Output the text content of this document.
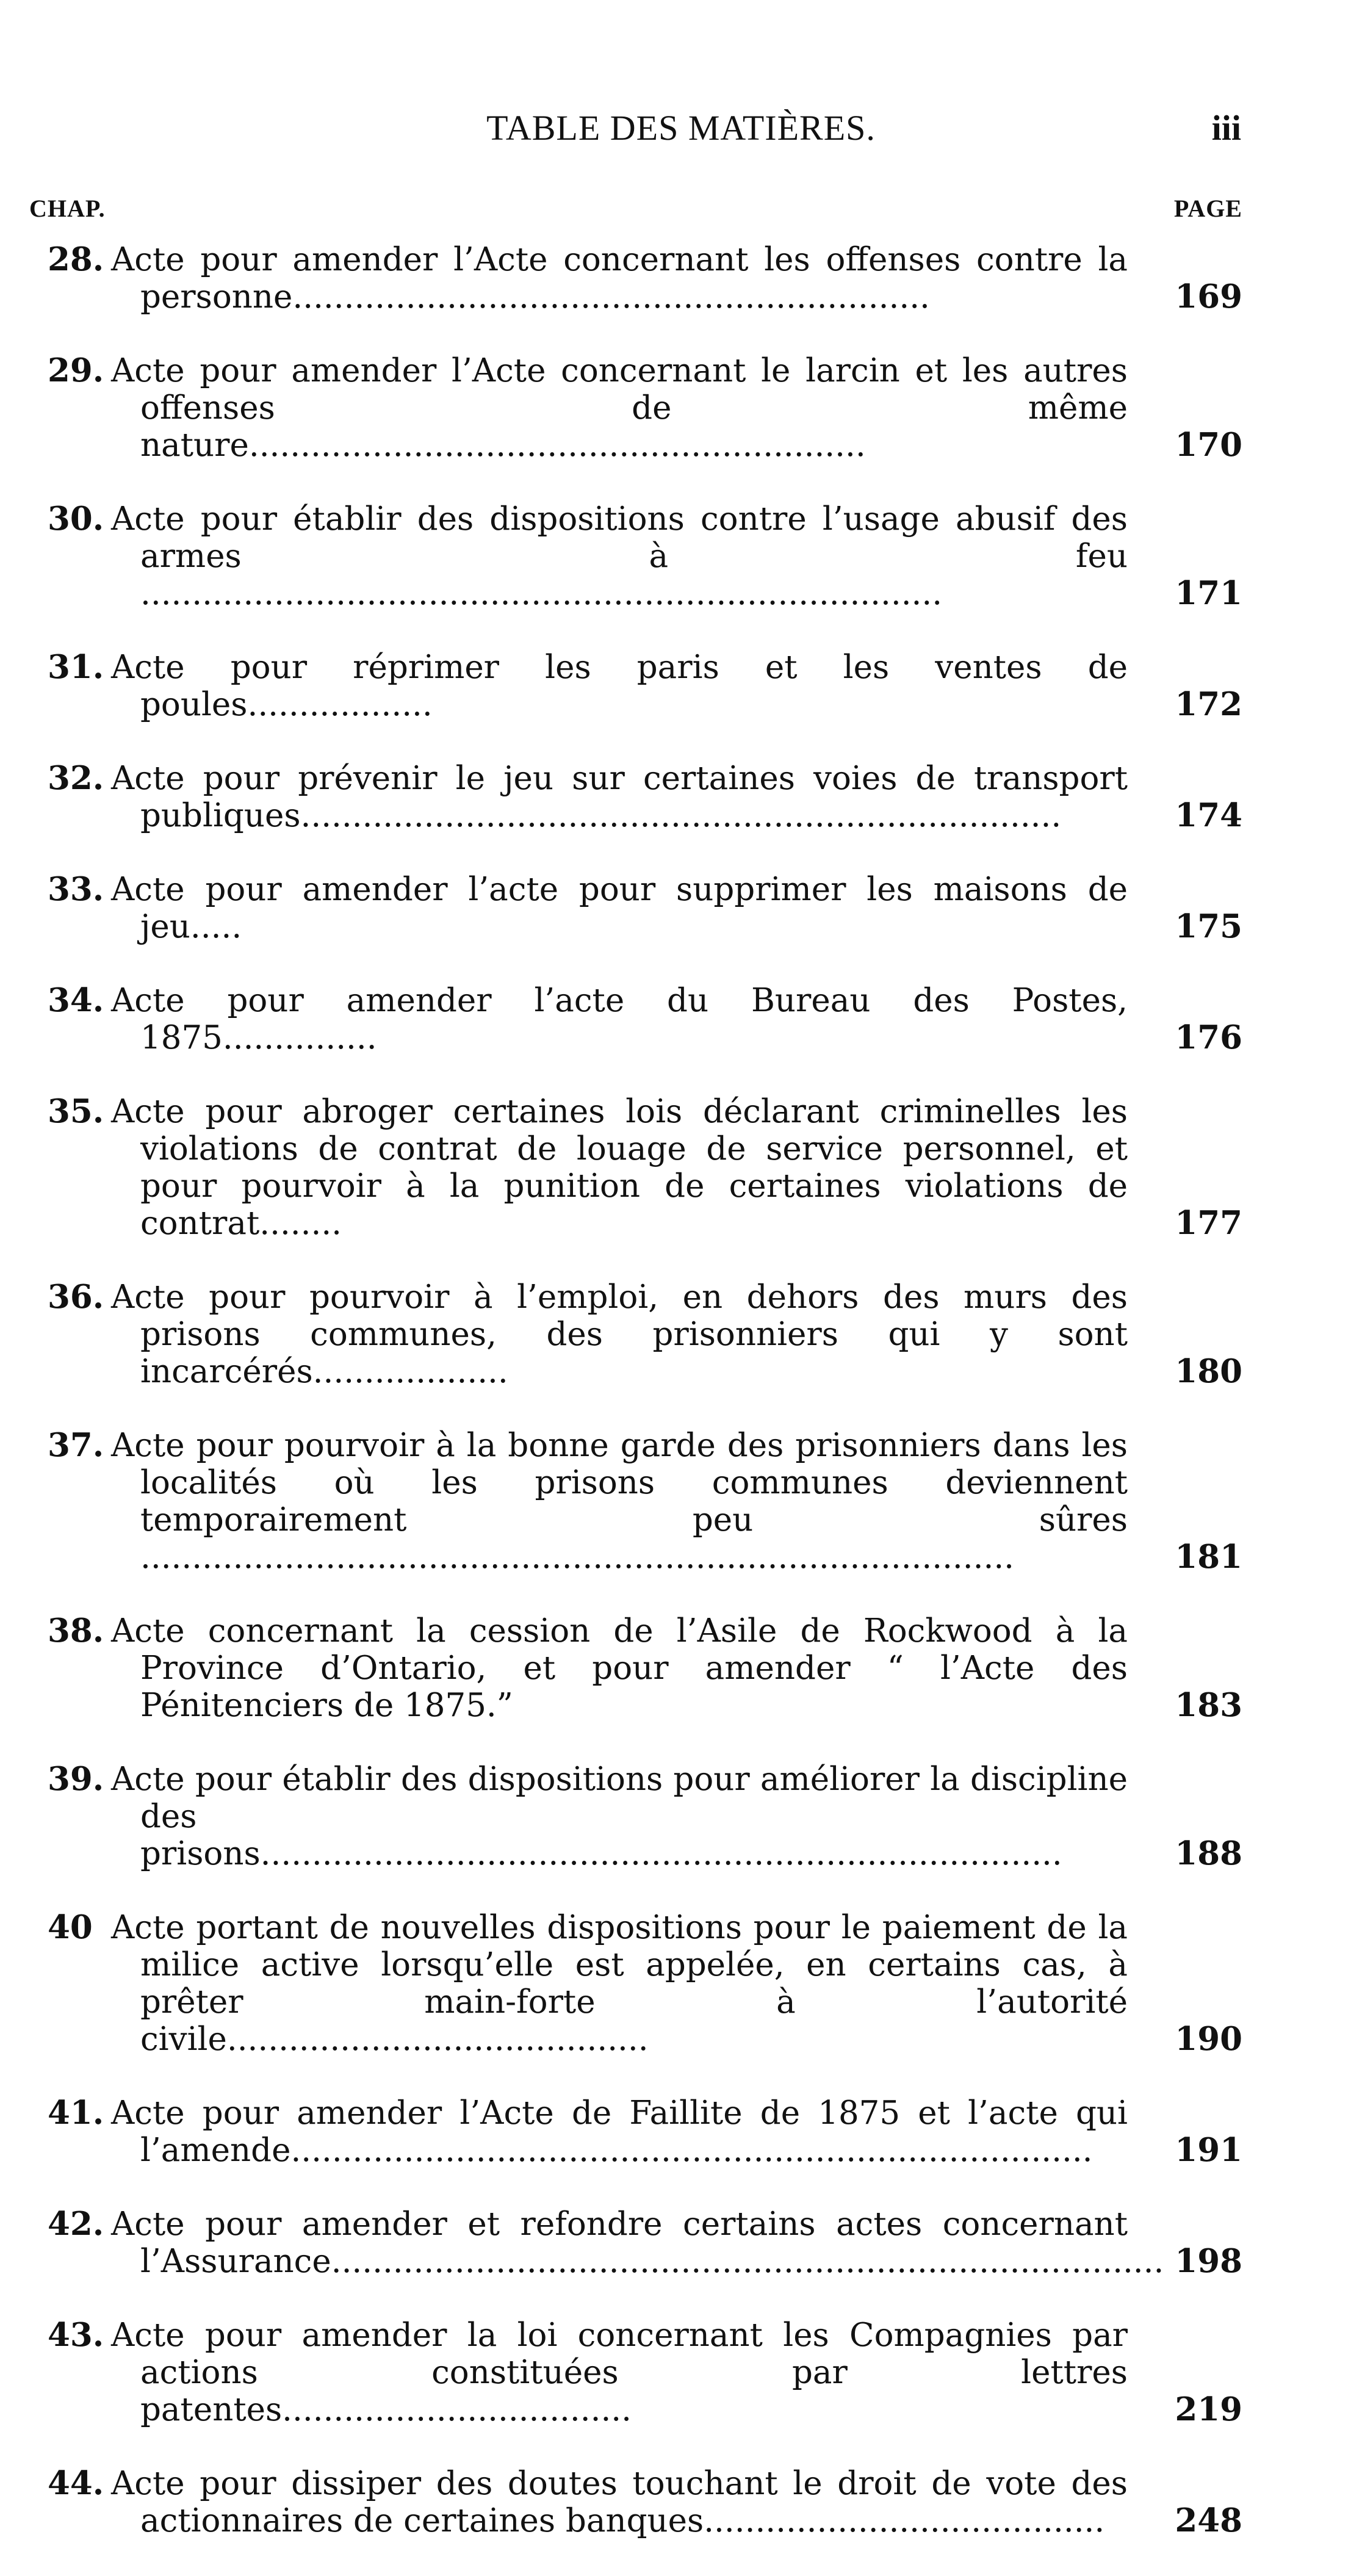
TABLE DES MATIÈRES.	iii
CHAP.	PAGE
28. Acte pour amender l’Acte concernant les offenses contre la personne..............................................................	169
29. Acte pour amender l’Acte concernant le larcin et les autres offenses de même nature............................................................	170
30. Acte pour établir des dispositions contre l’usage abusif des armes à feu ..............................................................................	171
31. Acte pour réprimer les paris et les ventes de poules..................	172
32. Acte pour prévenir le jeu sur certaines voies de transport publiques..........................................................................	174
33. Acte pour amender l’acte pour supprimer les maisons de jeu.....	175
34. Acte pour amender l’acte du Bureau des Postes, 1875...............	176
35. Acte pour abroger certaines lois déclarant criminelles les violations de contrat de louage de service personnel, et pour pourvoir à la punition de certaines violations de contrat........	177
36. Acte pour pourvoir à l’emploi, en dehors des murs des prisons communes, des prisonniers qui y sont incarcérés...................	180
37. Acte pour pourvoir à la bonne garde des prisonniers dans les localités où les prisons communes deviennent temporairement peu sûres .....................................................................................	181
38. Acte concernant la cession de l’Asile de Rockwood à la Province d’Ontario, et pour amender “ l’Acte des Pénitenciers de 1875.”	183
39. Acte pour établir des dispositions pour améliorer la discipline des prisons..............................................................................	188
40 Acte portant de nouvelles dispositions pour le paiement de la milice active lorsqu’elle est appelée, en certains cas, à prêter main-forte à l’autorité civile.........................................	190
41. Acte pour amender l’Acte de Faillite de 1875 et l’acte qui l’amende..............................................................................	191
42. Acte pour amender et refondre certains actes concernant l’Assurance................................................................................. 198
43. Acte pour amender la loi concernant les Compagnies par actions constituées par lettres patentes..................................	219
44. Acte pour dissiper des doutes touchant le droit de vote des actionnaires de certaines banques.......................................	248
